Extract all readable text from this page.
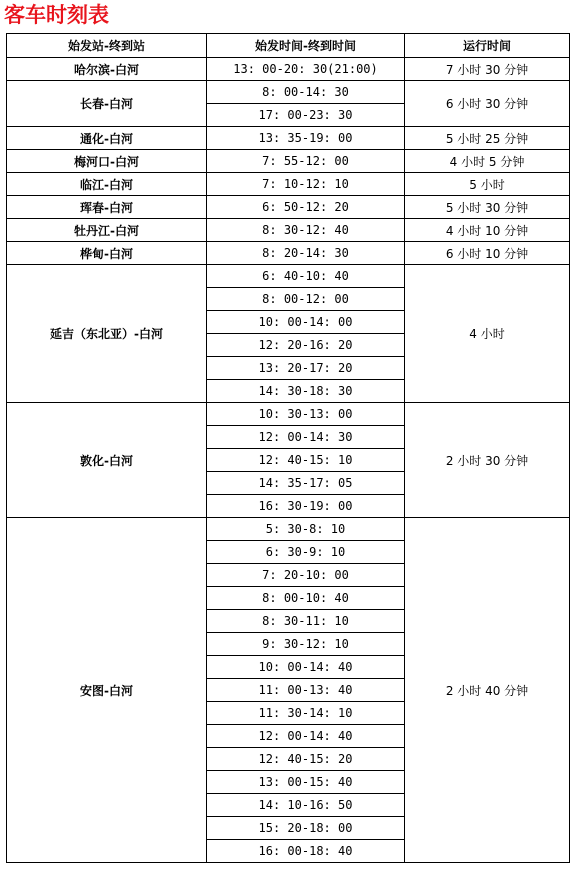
客车时刻表
始发站-终到站	始发时间-终到时间	运行时间
哈尔滨-白河	13: 00-20: 30(21:00)	7 小时 30 分钟
长春-白河	8: 00-14: 30	6 小时 30 分钟
	17: 00-23: 30	
通化-白河	13: 35-19: 00	5 小时 25 分钟
梅河口-白河	7: 55-12: 00	4 小时 5 分钟
临江-白河	7: 10-12: 10	5 小时
珲春-白河	6: 50-12: 20	5 小时 30 分钟
牡丹江-白河	8: 30-12: 40	4 小时 10 分钟
桦甸-白河	8: 20-14: 30	6 小时 10 分钟
延吉（东北亚）-白河	6: 40-10: 40	4 小时
	8: 00-12: 00	
	10: 00-14: 00	
	12: 20-16: 20	
	13: 20-17: 20	
	14: 30-18: 30	
敦化-白河	10: 30-13: 00	2 小时 30 分钟
	12: 00-14: 30	
	12: 40-15: 10	
	14: 35-17: 05	
	16: 30-19: 00	
安图-白河	5: 30-8: 10	2 小时 40 分钟
	6: 30-9: 10	
	7: 20-10: 00	
	8: 00-10: 40	
	8: 30-11: 10	
	9: 30-12: 10	
	10: 00-14: 40	
	11: 00-13: 40	
	11: 30-14: 10	
	12: 00-14: 40	
	12: 40-15: 20	
	13: 00-15: 40	
	14: 10-16: 50	
	15: 20-18: 00	
	16: 00-18: 40	
